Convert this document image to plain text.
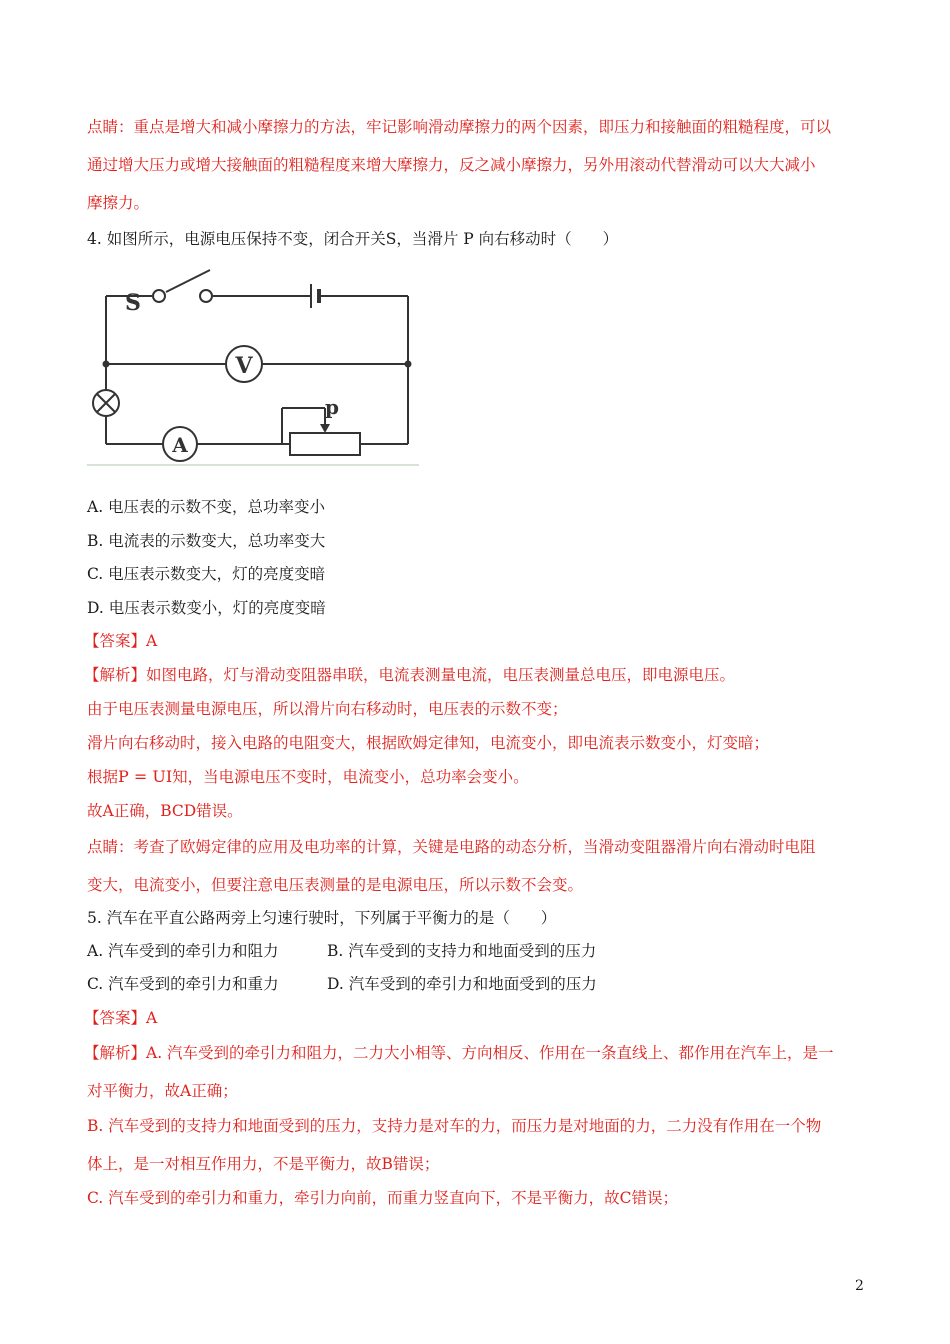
点睛：重点是增大和减小摩擦力的方法，牢记影响滑动摩擦力的两个因素，即压力和接触面的粗糙程度，可以
通过增大压力或增大接触面的粗糙程度来增大摩擦力，反之减小摩擦力，另外用滚动代替滑动可以大大减小
摩擦力。
4. 如图所示，电源电压保持不变，闭合开关S，当滑片 P 向右移动时（　　）
S
V
A
p
A. 电压表的示数不变，总功率变小
B. 电流表的示数变大，总功率变大
C. 电压表示数变大，灯的亮度变暗
D. 电压表示数变小，灯的亮度变暗
【答案】A
【解析】如图电路，灯与滑动变阻器串联，电流表测量电流，电压表测量总电压，即电源电压。
由于电压表测量电源电压，所以滑片向右移动时，电压表的示数不变；
滑片向右移动时，接入电路的电阻变大，根据欧姆定律知，电流变小，即电流表示数变小，灯变暗；
根据P = UI知，当电源电压不变时，电流变小，总功率会变小。
故A正确，BCD错误。
点睛：考查了欧姆定律的应用及电功率的计算，关键是电路的动态分析，当滑动变阻器滑片向右滑动时电阻
变大，电流变小，但要注意电压表测量的是电源电压，所以示数不会变。
5. 汽车在平直公路两旁上匀速行驶时，下列属于平衡力的是（　　）
A. 汽车受到的牵引力和阻力	B. 汽车受到的支持力和地面受到的压力
C. 汽车受到的牵引力和重力	D. 汽车受到的牵引力和地面受到的压力
【答案】A
【解析】A. 汽车受到的牵引力和阻力，二力大小相等、方向相反、作用在一条直线上、都作用在汽车上，是一
对平衡力，故A正确；
B. 汽车受到的支持力和地面受到的压力，支持力是对车的力，而压力是对地面的力，二力没有作用在一个物
体上，是一对相互作用力，不是平衡力，故B错误；
C. 汽车受到的牵引力和重力，牵引力向前，而重力竖直向下，不是平衡力，故C错误；
2
